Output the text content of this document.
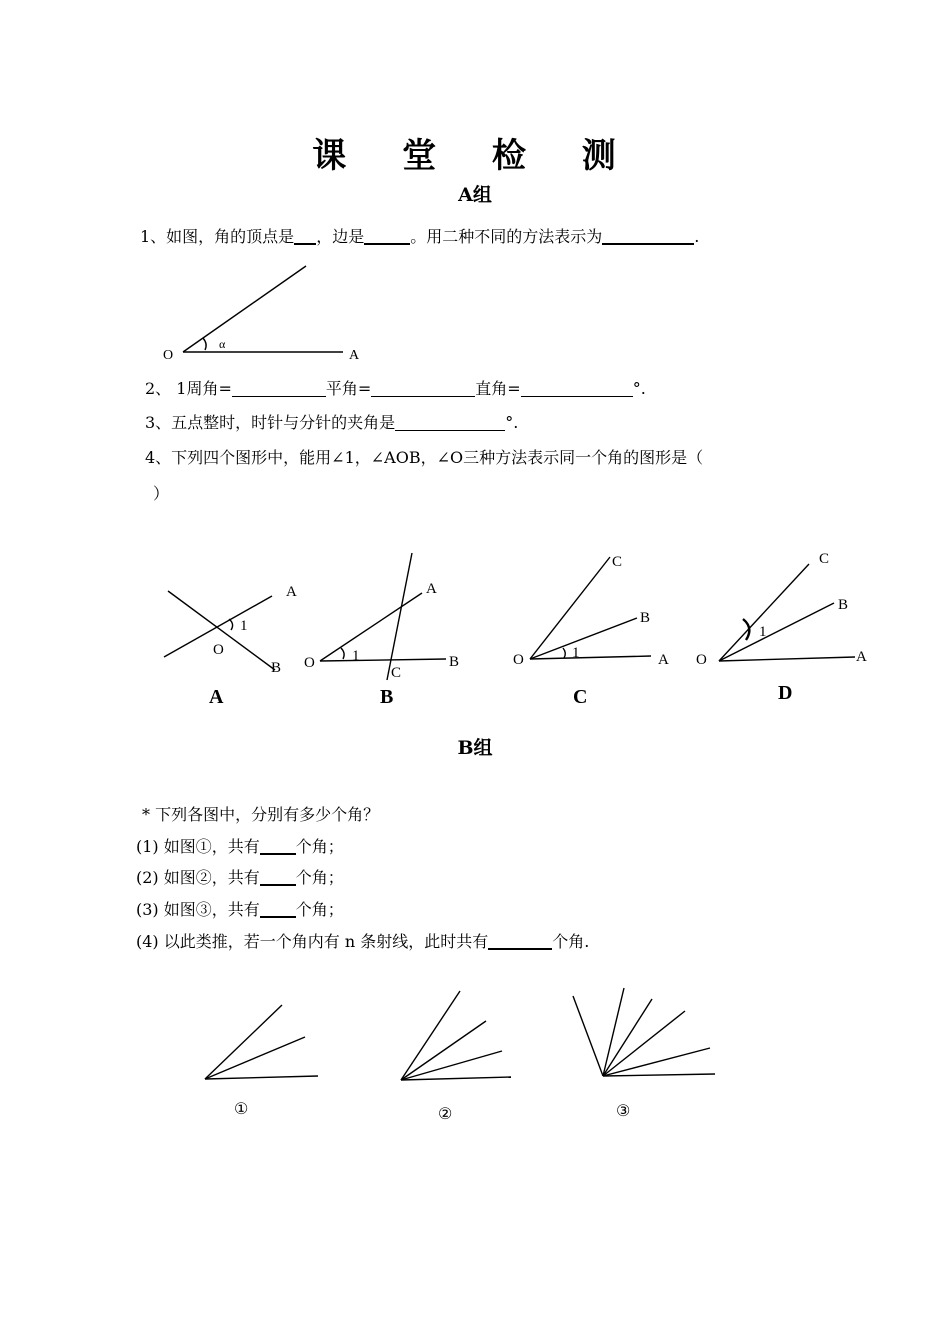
课 堂 检 测
A组
1、如图，角的顶点是 ，边是	。用二种不同的方法表示为	.
O	A
α
A
O
B
1
A
O	B
C
1
C
B
O	A
1
C
B
O	A
1
2、 1周角=	平角=	直角=	°.
3、五点整时，时针与分针的夹角是	°.
4、下列四个图形中，能用∠1，∠AOB，∠O三种方法表示同一个角的图形是（
）
A	B	C	D
B组
* 下列各图中，分别有多少个角？
(1) 如图①，共有 个角；
(2) 如图②，共有 个角；
(3) 如图③，共有 个角；
(4) 以此类推，若一个角内有 n 条射线，此时共有	个角.
①	②	③
